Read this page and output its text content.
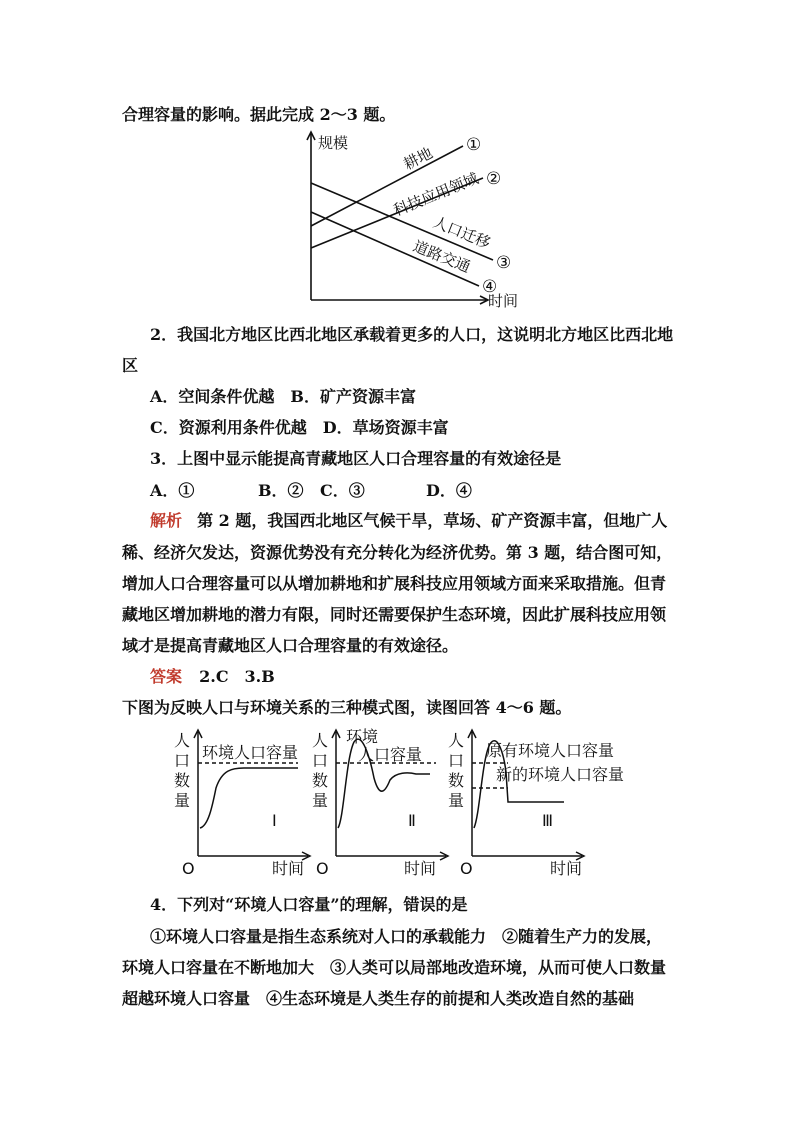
合理容量的影响。据此完成 2～3 题。
规模
时间
耕地 ①
科技应用领域 ②
人口迁移
③
道路交通
④
2．我国北方地区比西北地区承载着更多的人口，这说明北方地区比西北地
区
A．空间条件优越　B．矿产资源丰富
C．资源利用条件优越　D．草场资源丰富
3．上图中显示能提高青藏地区人口合理容量的有效途径是
A．①	B．② C．③	D．④
解析 第 2 题，我国西北地区气候干旱，草场、矿产资源丰富，但地广人
稀、经济欠发达，资源优势没有充分转化为经济优势。第 3 题，结合图可知，
增加人口合理容量可以从增加耕地和扩展科技应用领域方面来采取措施。但青
藏地区增加耕地的潜力有限，同时还需要保护生态环境，因此扩展科技应用领
域才是提高青藏地区人口合理容量的有效途径。
答案 2.C　3.B
下图为反映人口与环境关系的三种模式图，读图回答 4～6 题。
人
口
数
量
环境人口容量
Ⅰ
O	时间
人
口
数
量
环境
人口容量
Ⅱ
O	时间
人
口
数
量
原有环境人口容量
新的环境人口容量
Ⅲ
O	时间
4．下列对“环境人口容量”的理解，错误的是
①环境人口容量是指生态系统对人口的承载能力　②随着生产力的发展，
环境人口容量在不断地加大　③人类可以局部地改造环境，从而可使人口数量
超越环境人口容量　④生态环境是人类生存的前提和人类改造自然的基础
